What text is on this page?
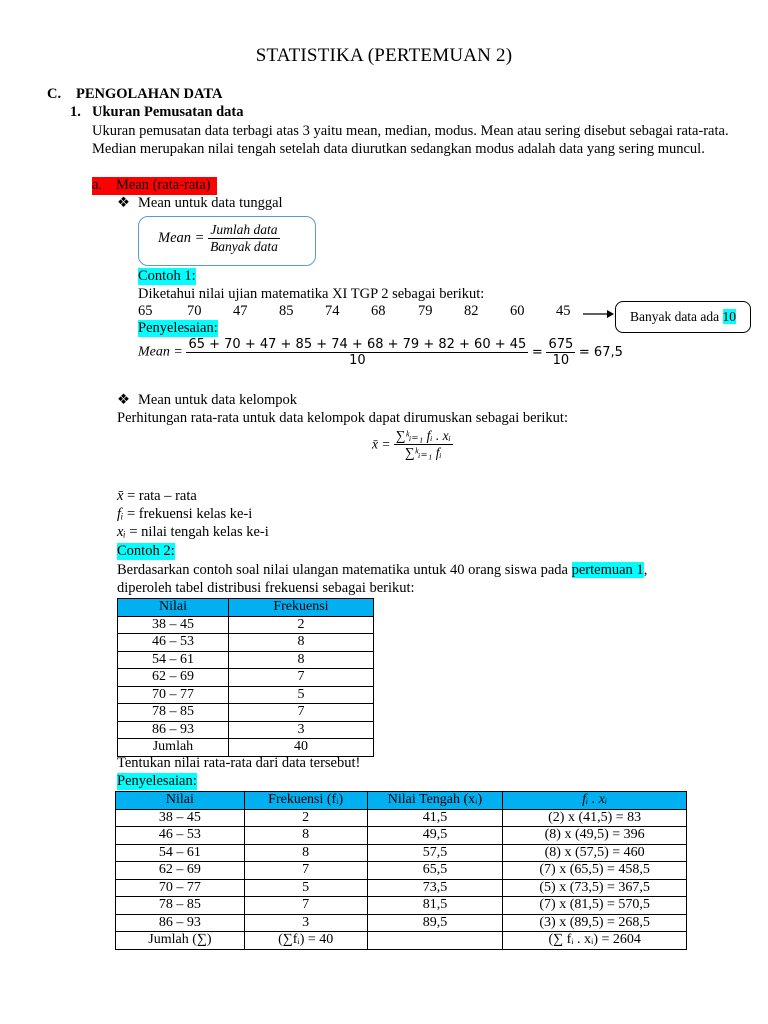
STATISTIKA (PERTEMUAN 2)
C. PENGOLAHAN DATA
1. Ukuran Pemusatan data
Ukuran pemusatan data terbagi atas 3 yaitu mean, median, modus. Mean atau sering disebut sebagai rata-rata. Median merupakan nilai tengah setelah data diurutkan sedangkan modus adalah data yang sering muncul.
a. Mean (rata-rata)
❖ Mean untuk data tunggal
Mean = $\frac{\text{Jumlah data}}{\text{Banyak data}}$
Contoh 1:
Diketahui nilai ujian matematika XI TGP 2 sebagai berikut:
65 70 47 85 74 68 79 82 60 45	Banyak data ada 10
Penyelesaian:
Mean = $\frac{65 + 70 + 47 + 85 + 74 + 68 + 79 + 82 + 60 + 45}{10} = \frac{675}{10} = 67,5$
❖ Mean untuk data kelompok
Perhitungan rata-rata untuk data kelompok dapat dirumuskan sebagai berikut:
x̄ = $\frac{\text{∑ᵏᵢ₌₁ fᵢ . xᵢ}}{\text{∑ᵏᵢ₌₁ fᵢ}}$
x̄ = rata – rata
fᵢ = frekuensi kelas ke-i
xᵢ = nilai tengah kelas ke-i
Contoh 2:
Berdasarkan contoh soal nilai ulangan matematika untuk 40 orang siswa pada pertemuan 1,
diperoleh tabel distribusi frekuensi sebagai berikut:
Nilai	Frekuensi
38 – 45	2
46 – 53	8
54 – 61	8
62 – 69	7
70 – 77	5
78 – 85	7
86 – 93	3
Jumlah	40
Tentukan nilai rata-rata dari data tersebut!
Penyelesaian:
Nilai	Frekuensi (fᵢ)	Nilai Tengah (xᵢ)	fᵢ . xᵢ
38 – 45	2	41,5	(2) x (41,5) = 83
46 – 53	8	49,5	(8) x (49,5) = 396
54 – 61	8	57,5	(8) x (57,5) = 460
62 – 69	7	65,5	(7) x (65,5) = 458,5
70 – 77	5	73,5	(5) x (73,5) = 367,5
78 – 85	7	81,5	(7) x (81,5) = 570,5
86 – 93	3	89,5	(3) x (89,5) = 268,5
Jumlah (∑)	(∑fᵢ) = 40		(∑ fᵢ . xᵢ) = 2604
